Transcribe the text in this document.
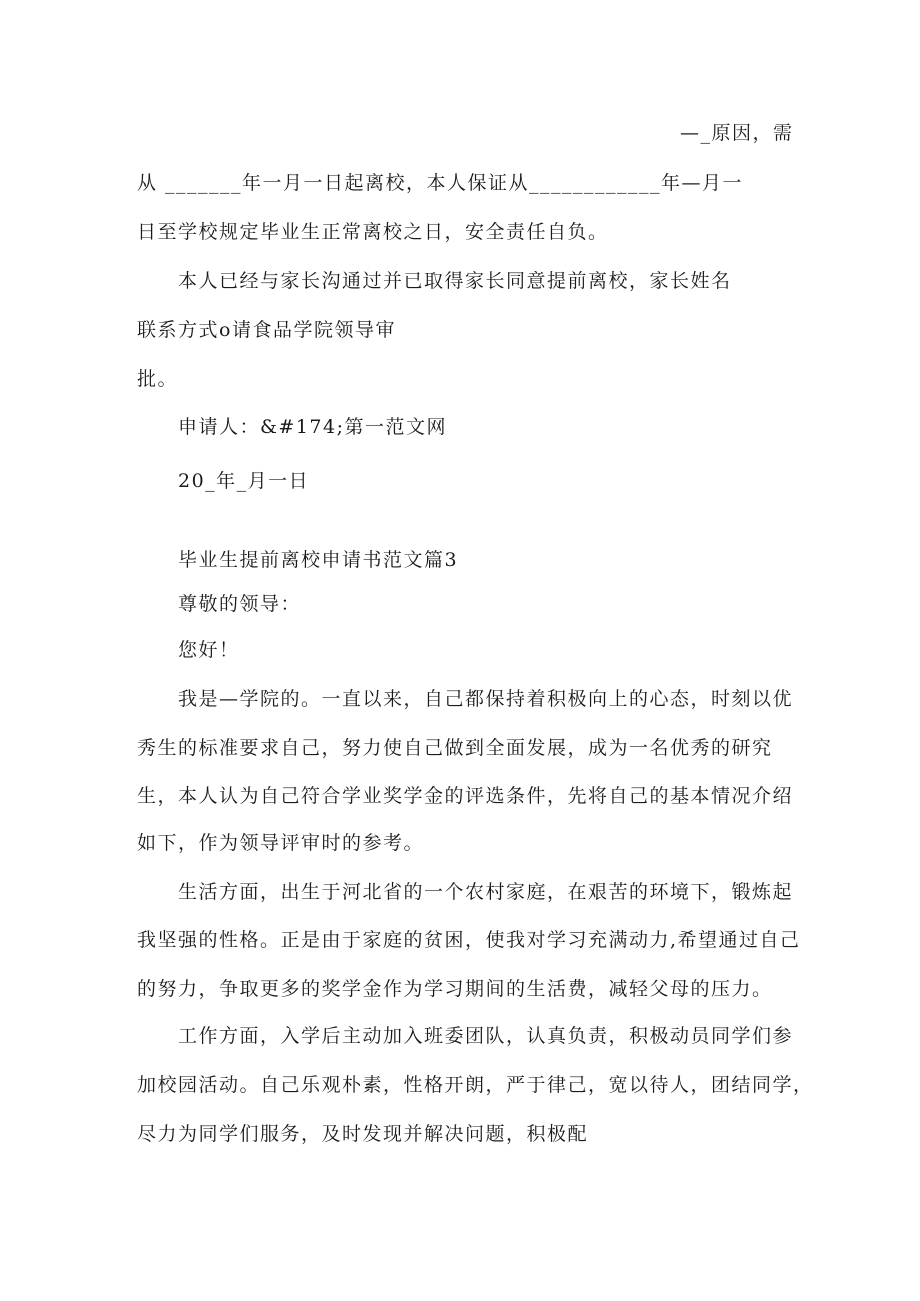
—_原因，需
从 _______年一月一日起离校，本人保证从____________年—月一
日至学校规定毕业生正常离校之日，安全责任自负。
本人已经与家长沟通过并已取得家长同意提前离校，家长姓名
联系方式o请食品学院领导审
批。
申请人：&#174;第一范文网
20_年_月一日
毕业生提前离校申请书范文篇3
尊敬的领导：
您好！
我是—学院的。一直以来，自己都保持着积极向上的心态，时刻以优
秀生的标准要求自己，努力使自己做到全面发展，成为一名优秀的研究
生，本人认为自己符合学业奖学金的评选条件，先将自己的基本情况介绍
如下，作为领导评审时的参考。
生活方面，出生于河北省的一个农村家庭，在艰苦的环境下，锻炼起
我坚强的性格。正是由于家庭的贫困，使我对学习充满动力,希望通过自己
的努力，争取更多的奖学金作为学习期间的生活费，减轻父母的压力。
工作方面，入学后主动加入班委团队，认真负责，积极动员同学们参
加校园活动。自己乐观朴素，性格开朗，严于律己，宽以待人，团结同学，
尽力为同学们服务，及时发现并解决问题，积极配
